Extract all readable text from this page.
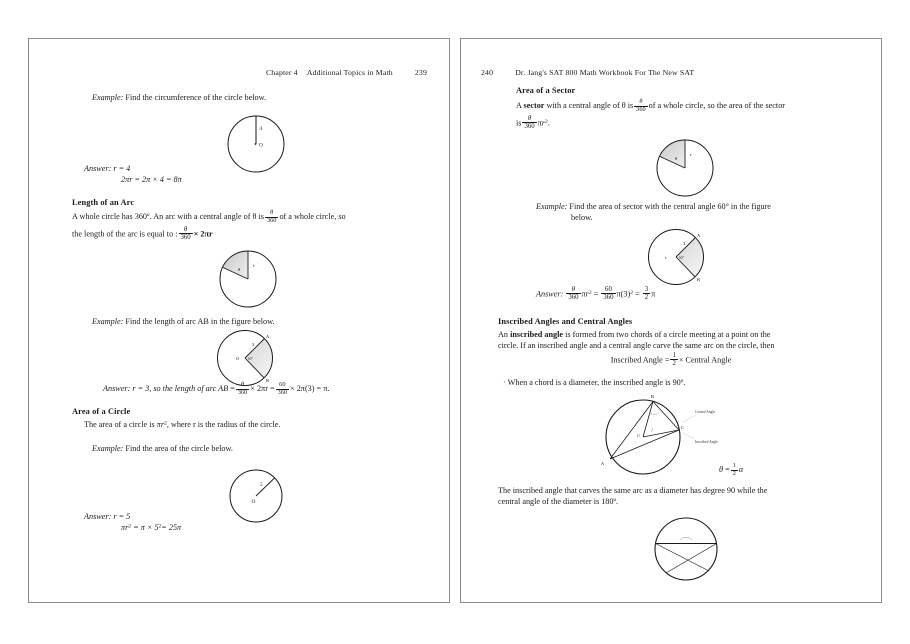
Chapter 4 Additional Topics in Math	239
Example: Find the circumference of the circle below.
4
O
Answer: r = 4
2πr = 2π × 4 = 8π
Length of an Arc
A whole circle has 360º. An arc with a central angle of θ is $\frac{\theta}{360}$ of a whole circle, so
the length of the arc is equal to : $\frac{\theta}{360} \times 2\pi r$
θ
r
Example: Find the length of arc AB in the figure below.
O
3
60°
A
B
Answer: r = 3, so the length of arc AB = $\frac{\theta}{360} \times 2\pi r = \frac{60}{360} \times 2\pi(3) = \pi$.
Area of a Circle
The area of a circle is $\pi r^2$, where r is the radius of the circle.
Example: Find the area of the circle below.
5
O
Answer: r = 5
$\pi r^2 = \pi \times 5^2= 25\pi$
240	Dr. Jang's SAT 800 Math Workbook For The New SAT
Area of a Sector
A sector with a central angle of θ is $\frac{\theta}{360}$ of a whole circle, so the area of the sector
is $\frac{\theta}{360} \pi r^2$.
θ
r
Example: Find the area of sector with the central angle 60° in the figure
below.
r
3
60°
A
B
Answer: $\frac{\theta}{360} \pi r^2 = \frac{60}{360} \pi(3)^2 = \frac{3}{2}$ π
Inscribed Angles and Central Angles
An inscribed angle is formed from two chords of a circle meeting at a point on the
circle. If an inscribed angle and a central angle carve the same arc on the circle, then
Inscribed Angle = $\frac{1}{2}$ × Central Angle
· When a chord is a diameter, the inscribed angle is 90º.
B
A
C
O
Central Angle
Inscribed Angle
$\theta = \frac{1}{2}$ α
The inscribed angle that carves the same arc as a diameter has degree 90 while the
central angle of the diameter is 180º.
